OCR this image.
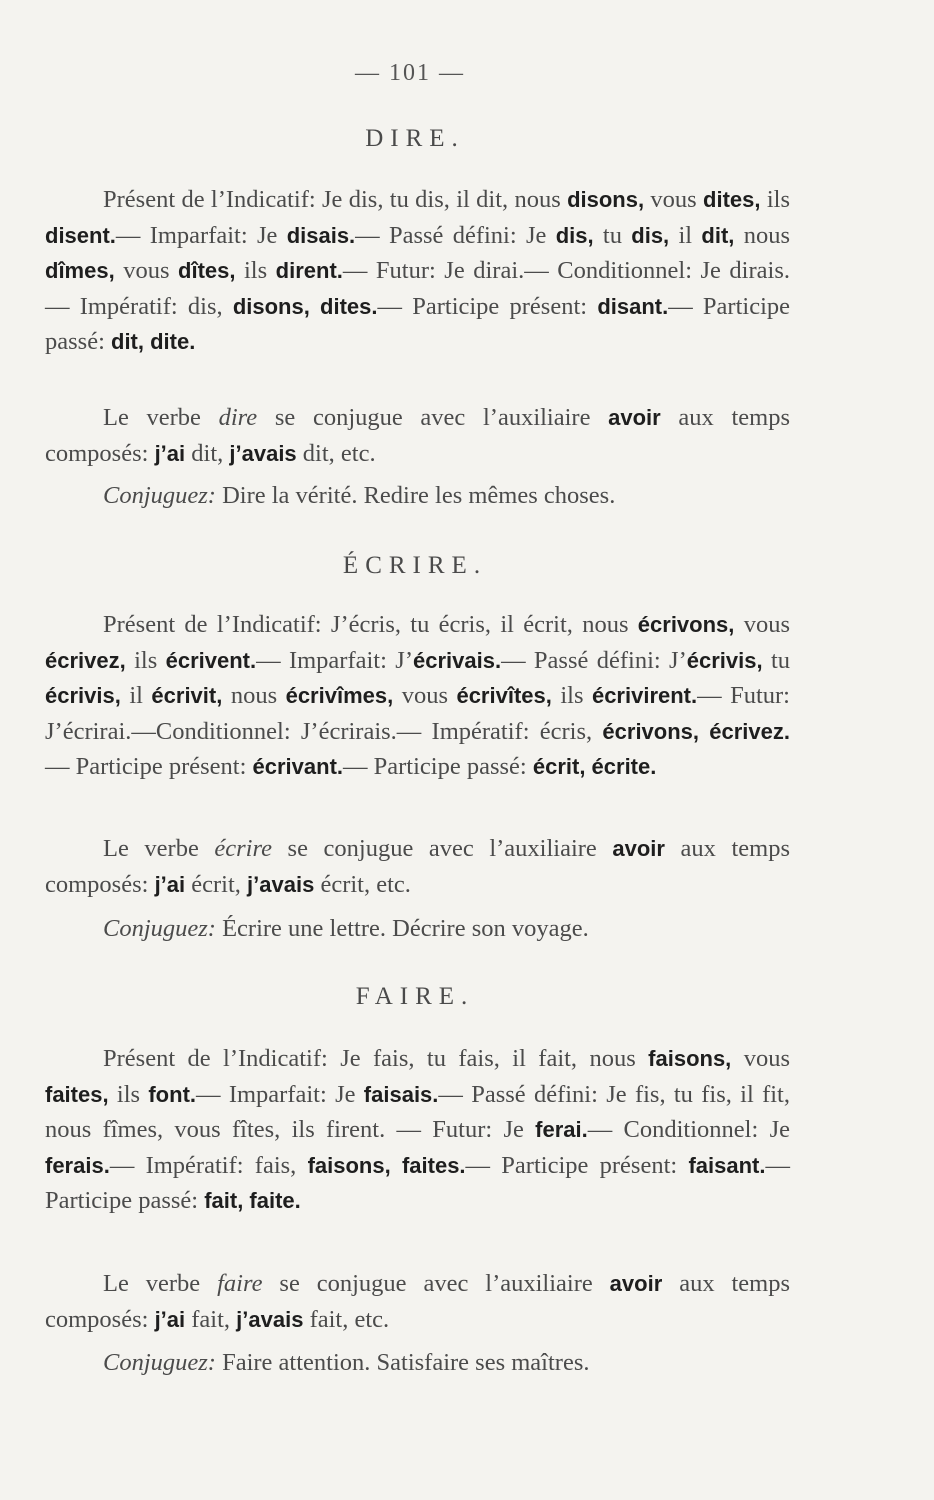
— 101 —
DIRE.
Présent de l’Indicatif: Je dis, tu dis, il dit, nous disons, vous dites, ils disent.— Imparfait: Je disais.— Passé défini: Je dis, tu dis, il dit, nous dîmes, vous dîtes, ils dirent.— Futur: Je dirai.— Conditionnel: Je dirais.— Impératif: dis, disons, dites.— Participe présent: disant.— Participe passé: dit, dite.
Le verbe dire se conjugue avec l’auxiliaire avoir aux temps composés: j’ai dit, j’avais dit, etc.
Conjuguez: Dire la vérité. Redire les mêmes choses.
ÉCRIRE.
Présent de l’Indicatif: J’écris, tu écris, il écrit, nous écrivons, vous écrivez, ils écrivent.— Imparfait: J’écrivais.— Passé défini: J’écrivis, tu écrivis, il écrivit, nous écrivîmes, vous écrivîtes, ils écrivirent.— Futur: J’écrirai.—Conditionnel: J’écrirais.— Impératif: écris, écrivons, écrivez.— Participe présent: écrivant.— Participe passé: écrit, écrite.
Le verbe écrire se conjugue avec l’auxiliaire avoir aux temps composés: j’ai écrit, j’avais écrit, etc.
Conjuguez: Écrire une lettre. Décrire son voyage.
FAIRE.
Présent de l’Indicatif: Je fais, tu fais, il fait, nous faisons, vous faites, ils font.— Imparfait: Je faisais.— Passé défini: Je fis, tu fis, il fit, nous fîmes, vous fîtes, ils firent. — Futur: Je ferai.— Conditionnel: Je ferais.— Impératif: fais, faisons, faites.— Participe présent: faisant.— Participe passé: fait, faite.
Le verbe faire se conjugue avec l’auxiliaire avoir aux temps composés: j’ai fait, j’avais fait, etc.
Conjuguez: Faire attention. Satisfaire ses maîtres.
